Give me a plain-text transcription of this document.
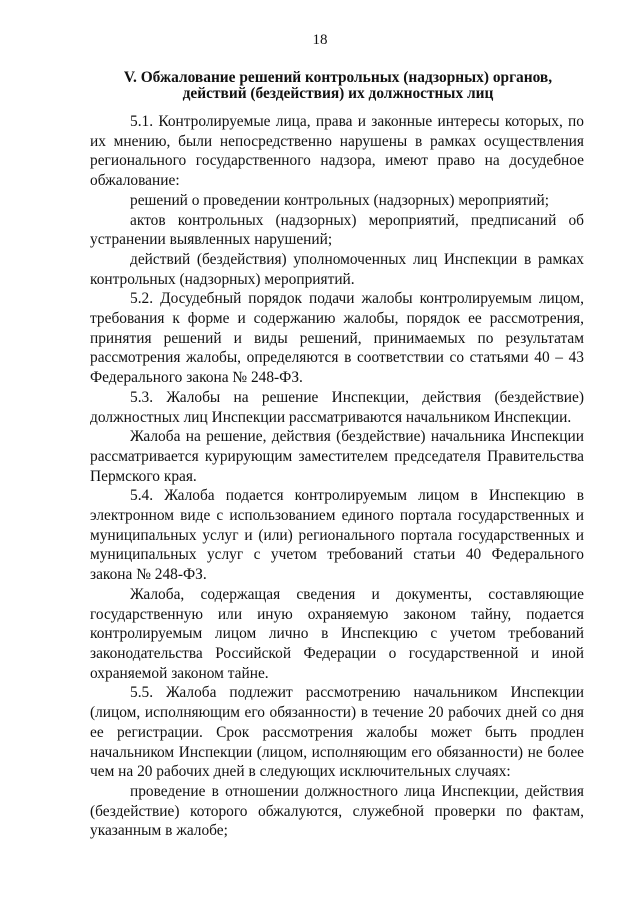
18
V. Обжалование решений контрольных (надзорных) органов,
действий (бездействия) их должностных лиц

5.1. Контролируемые лица, права и законные интересы которых, по их мнению, были непосредственно нарушены в рамках осуществления регионального государственного надзора, имеют право на досудебное обжалование:

решений о проведении контрольных (надзорных) мероприятий;

актов контрольных (надзорных) мероприятий, предписаний об устранении выявленных нарушений;

действий (бездействия) уполномоченных лиц Инспекции в рамках контрольных (надзорных) мероприятий.

5.2. Досудебный порядок подачи жалобы контролируемым лицом, требования к форме и содержанию жалобы, порядок ее рассмотрения, принятия решений и виды решений, принимаемых по результатам рассмотрения жалобы, определяются в соответствии со статьями 40 – 43 Федерального закона № 248-ФЗ.

5.3. Жалобы на решение Инспекции, действия (бездействие) должностных лиц Инспекции рассматриваются начальником Инспекции.

Жалоба на решение, действия (бездействие) начальника Инспекции рассматривается курирующим заместителем председателя Правительства Пермского края.

5.4. Жалоба подается контролируемым лицом в Инспекцию в электронном виде с использованием единого портала государственных и муниципальных услуг и (или) регионального портала государственных и муниципальных услуг с учетом требований статьи 40 Федерального закона № 248-ФЗ.

Жалоба, содержащая сведения и документы, составляющие государственную или иную охраняемую законом тайну, подается контролируемым лицом лично в Инспекцию с учетом требований законодательства Российской Федерации о государственной и иной охраняемой законом тайне.

5.5. Жалоба подлежит рассмотрению начальником Инспекции (лицом, исполняющим его обязанности) в течение 20 рабочих дней со дня ее регистрации. Срок рассмотрения жалобы может быть продлен начальником Инспекции (лицом, исполняющим его обязанности) не более чем на 20 рабочих дней в следующих исключительных случаях:

проведение в отношении должностного лица Инспекции, действия (бездействие) которого обжалуются, служебной проверки по фактам, указанным в жалобе;
